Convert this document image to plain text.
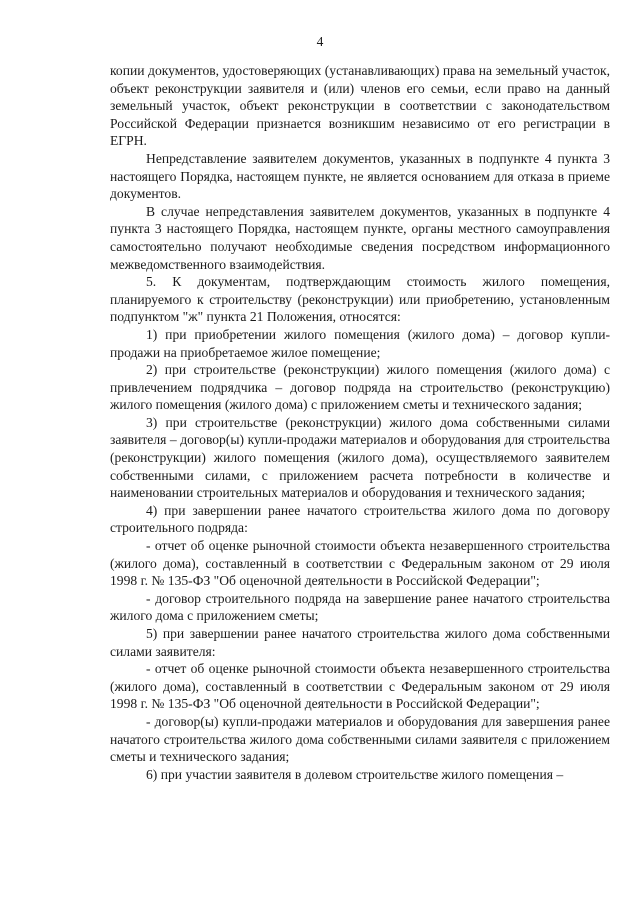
4

копии документов, удостоверяющих (устанавливающих) права на земельный участок, объект реконструкции заявителя и (или) членов его семьи, если право на данный земельный участок, объект реконструкции в соответствии с законодательством Российской Федерации признается возникшим независимо от его регистрации в ЕГРН.

Непредставление заявителем документов, указанных в подпункте 4 пункта 3 настоящего Порядка, настоящем пункте, не является основанием для отказа в приеме документов.

В случае непредставления заявителем документов, указанных в подпункте 4 пункта 3 настоящего Порядка, настоящем пункте, органы местного самоуправления самостоятельно получают необходимые сведения посредством информационного межведомственного взаимодействия.

5. К документам, подтверждающим стоимость жилого помещения, планируемого к строительству (реконструкции) или приобретению, установленным подпунктом "ж" пункта 21 Положения, относятся:

1) при приобретении жилого помещения (жилого дома) – договор купли-продажи на приобретаемое жилое помещение;

2) при строительстве (реконструкции) жилого помещения (жилого дома) с привлечением подрядчика – договор подряда на строительство (реконструкцию) жилого помещения (жилого дома) с приложением сметы и технического задания;

3) при строительстве (реконструкции) жилого дома собственными силами заявителя – договор(ы) купли-продажи материалов и оборудования для строительства (реконструкции) жилого помещения (жилого дома), осуществляемого заявителем собственными силами, с приложением расчета потребности в количестве и наименовании строительных материалов и оборудования и технического задания;

4) при завершении ранее начатого строительства жилого дома по договору строительного подряда:

- отчет об оценке рыночной стоимости объекта незавершенного строительства (жилого дома), составленный в соответствии с Федеральным законом от 29 июля 1998 г. № 135-ФЗ "Об оценочной деятельности в Российской Федерации";

- договор строительного подряда на завершение ранее начатого строительства жилого дома с приложением сметы;

5) при завершении ранее начатого строительства жилого дома собственными силами заявителя:

- отчет об оценке рыночной стоимости объекта незавершенного строительства (жилого дома), составленный в соответствии с Федеральным законом от 29 июля 1998 г. № 135-ФЗ "Об оценочной деятельности в Российской Федерации";

- договор(ы) купли-продажи материалов и оборудования для завершения ранее начатого строительства жилого дома собственными силами заявителя с приложением сметы и технического задания;

6) при участии заявителя в долевом строительстве жилого помещения –
